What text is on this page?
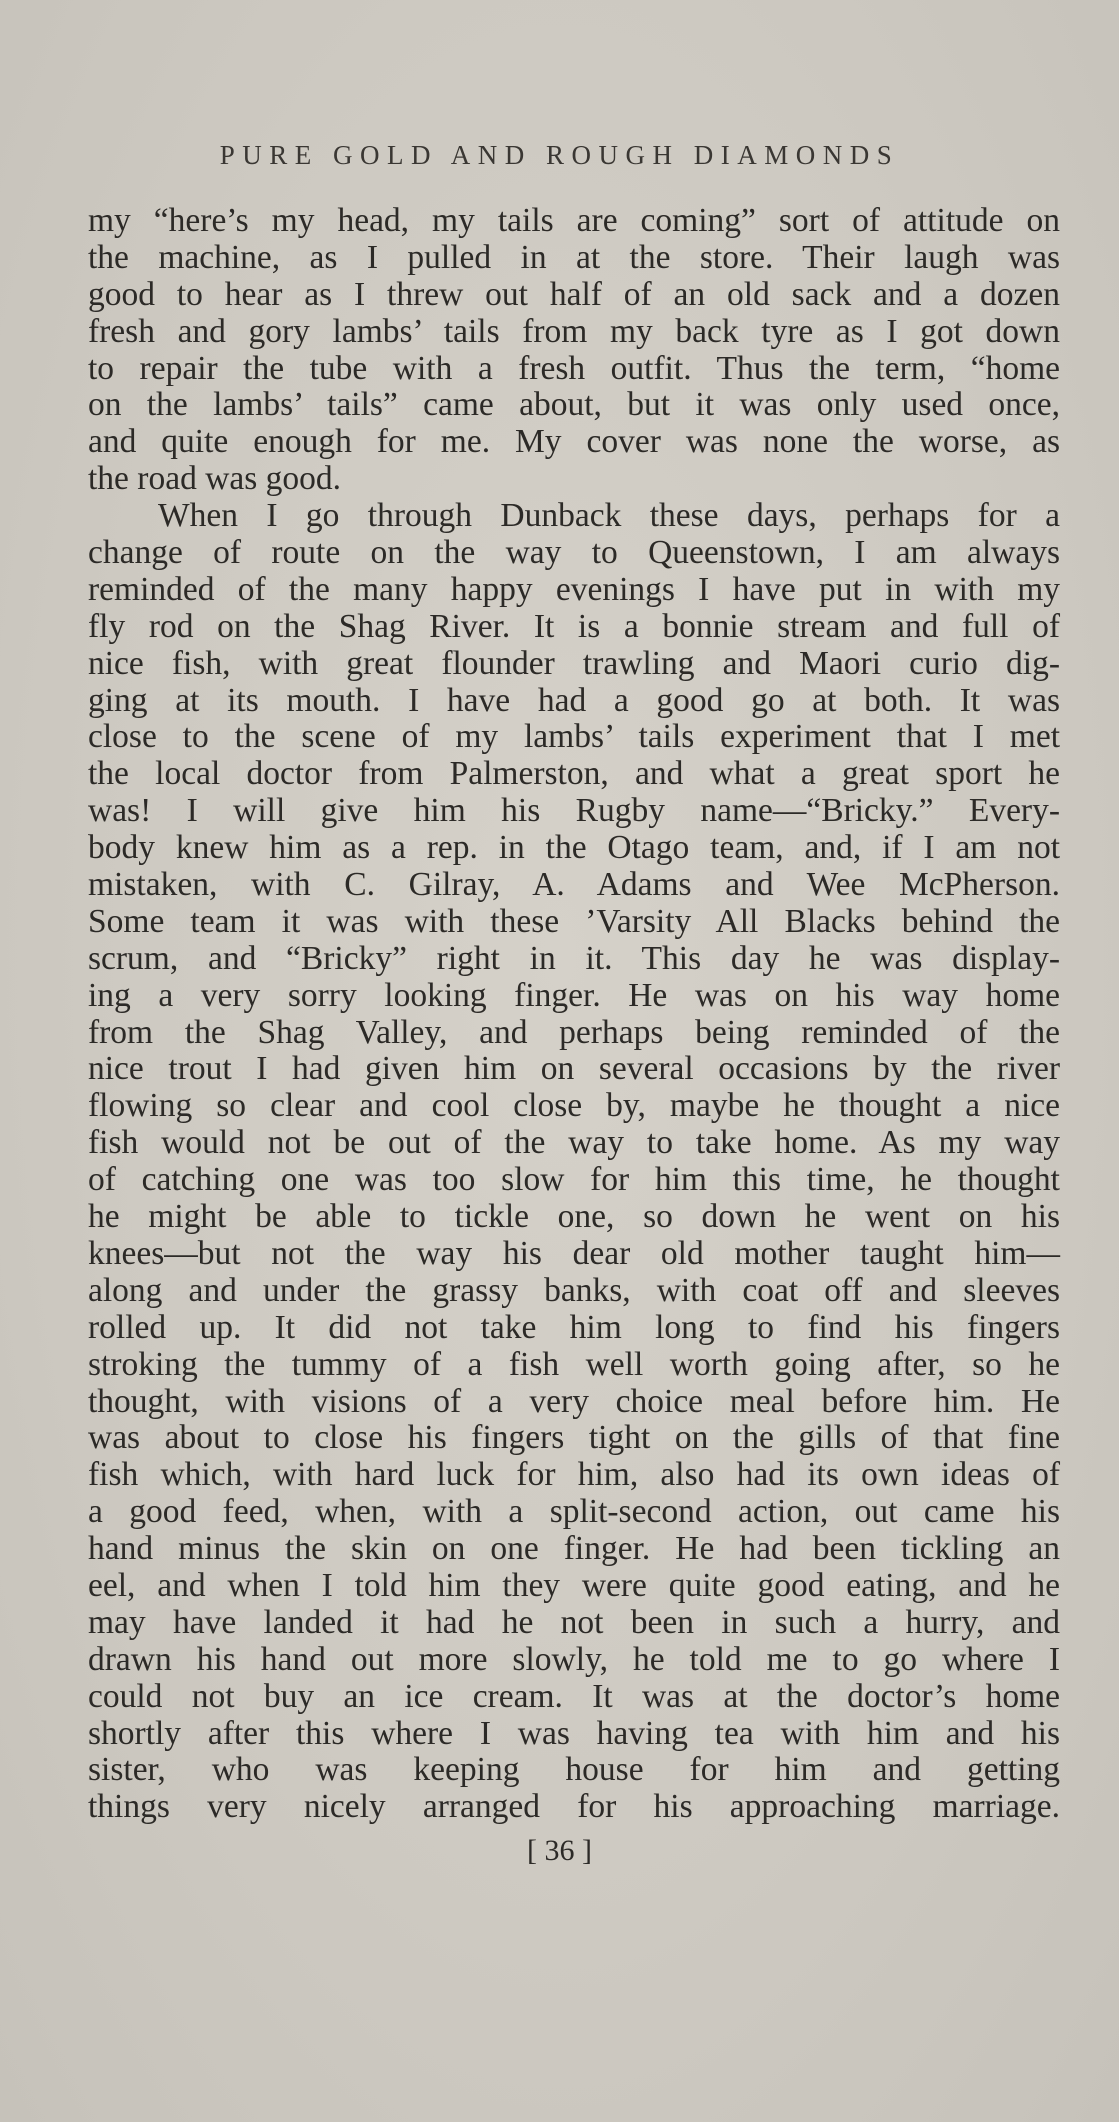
PURE GOLD AND ROUGH DIAMONDS
my “here’s my head, my tails are coming” sort of attitude on
the machine, as I pulled in at the store. Their laugh was
good to hear as I threw out half of an old sack and a dozen
fresh and gory lambs’ tails from my back tyre as I got down
to repair the tube with a fresh outfit. Thus the term, “home
on the lambs’ tails” came about, but it was only used once,
and quite enough for me. My cover was none the worse, as
the road was good.
When I go through Dunback these days, perhaps for a
change of route on the way to Queenstown, I am always
reminded of the many happy evenings I have put in with my
fly rod on the Shag River. It is a bonnie stream and full of
nice fish, with great flounder trawling and Maori curio dig-
ging at its mouth. I have had a good go at both. It was
close to the scene of my lambs’ tails experiment that I met
the local doctor from Palmerston, and what a great sport he
was! I will give him his Rugby name—“Bricky.” Every-
body knew him as a rep. in the Otago team, and, if I am not
mistaken, with C. Gilray, A. Adams and Wee McPherson.
Some team it was with these ’Varsity All Blacks behind the
scrum, and “Bricky” right in it. This day he was display-
ing a very sorry looking finger. He was on his way home
from the Shag Valley, and perhaps being reminded of the
nice trout I had given him on several occasions by the river
flowing so clear and cool close by, maybe he thought a nice
fish would not be out of the way to take home. As my way
of catching one was too slow for him this time, he thought
he might be able to tickle one, so down he went on his
knees—but not the way his dear old mother taught him—
along and under the grassy banks, with coat off and sleeves
rolled up. It did not take him long to find his fingers
stroking the tummy of a fish well worth going after, so he
thought, with visions of a very choice meal before him. He
was about to close his fingers tight on the gills of that fine
fish which, with hard luck for him, also had its own ideas of
a good feed, when, with a split-second action, out came his
hand minus the skin on one finger. He had been tickling an
eel, and when I told him they were quite good eating, and he
may have landed it had he not been in such a hurry, and
drawn his hand out more slowly, he told me to go where I
could not buy an ice cream. It was at the doctor’s home
shortly after this where I was having tea with him and his
sister, who was keeping house for him and getting
things very nicely arranged for his approaching marriage.
[ 36 ]
